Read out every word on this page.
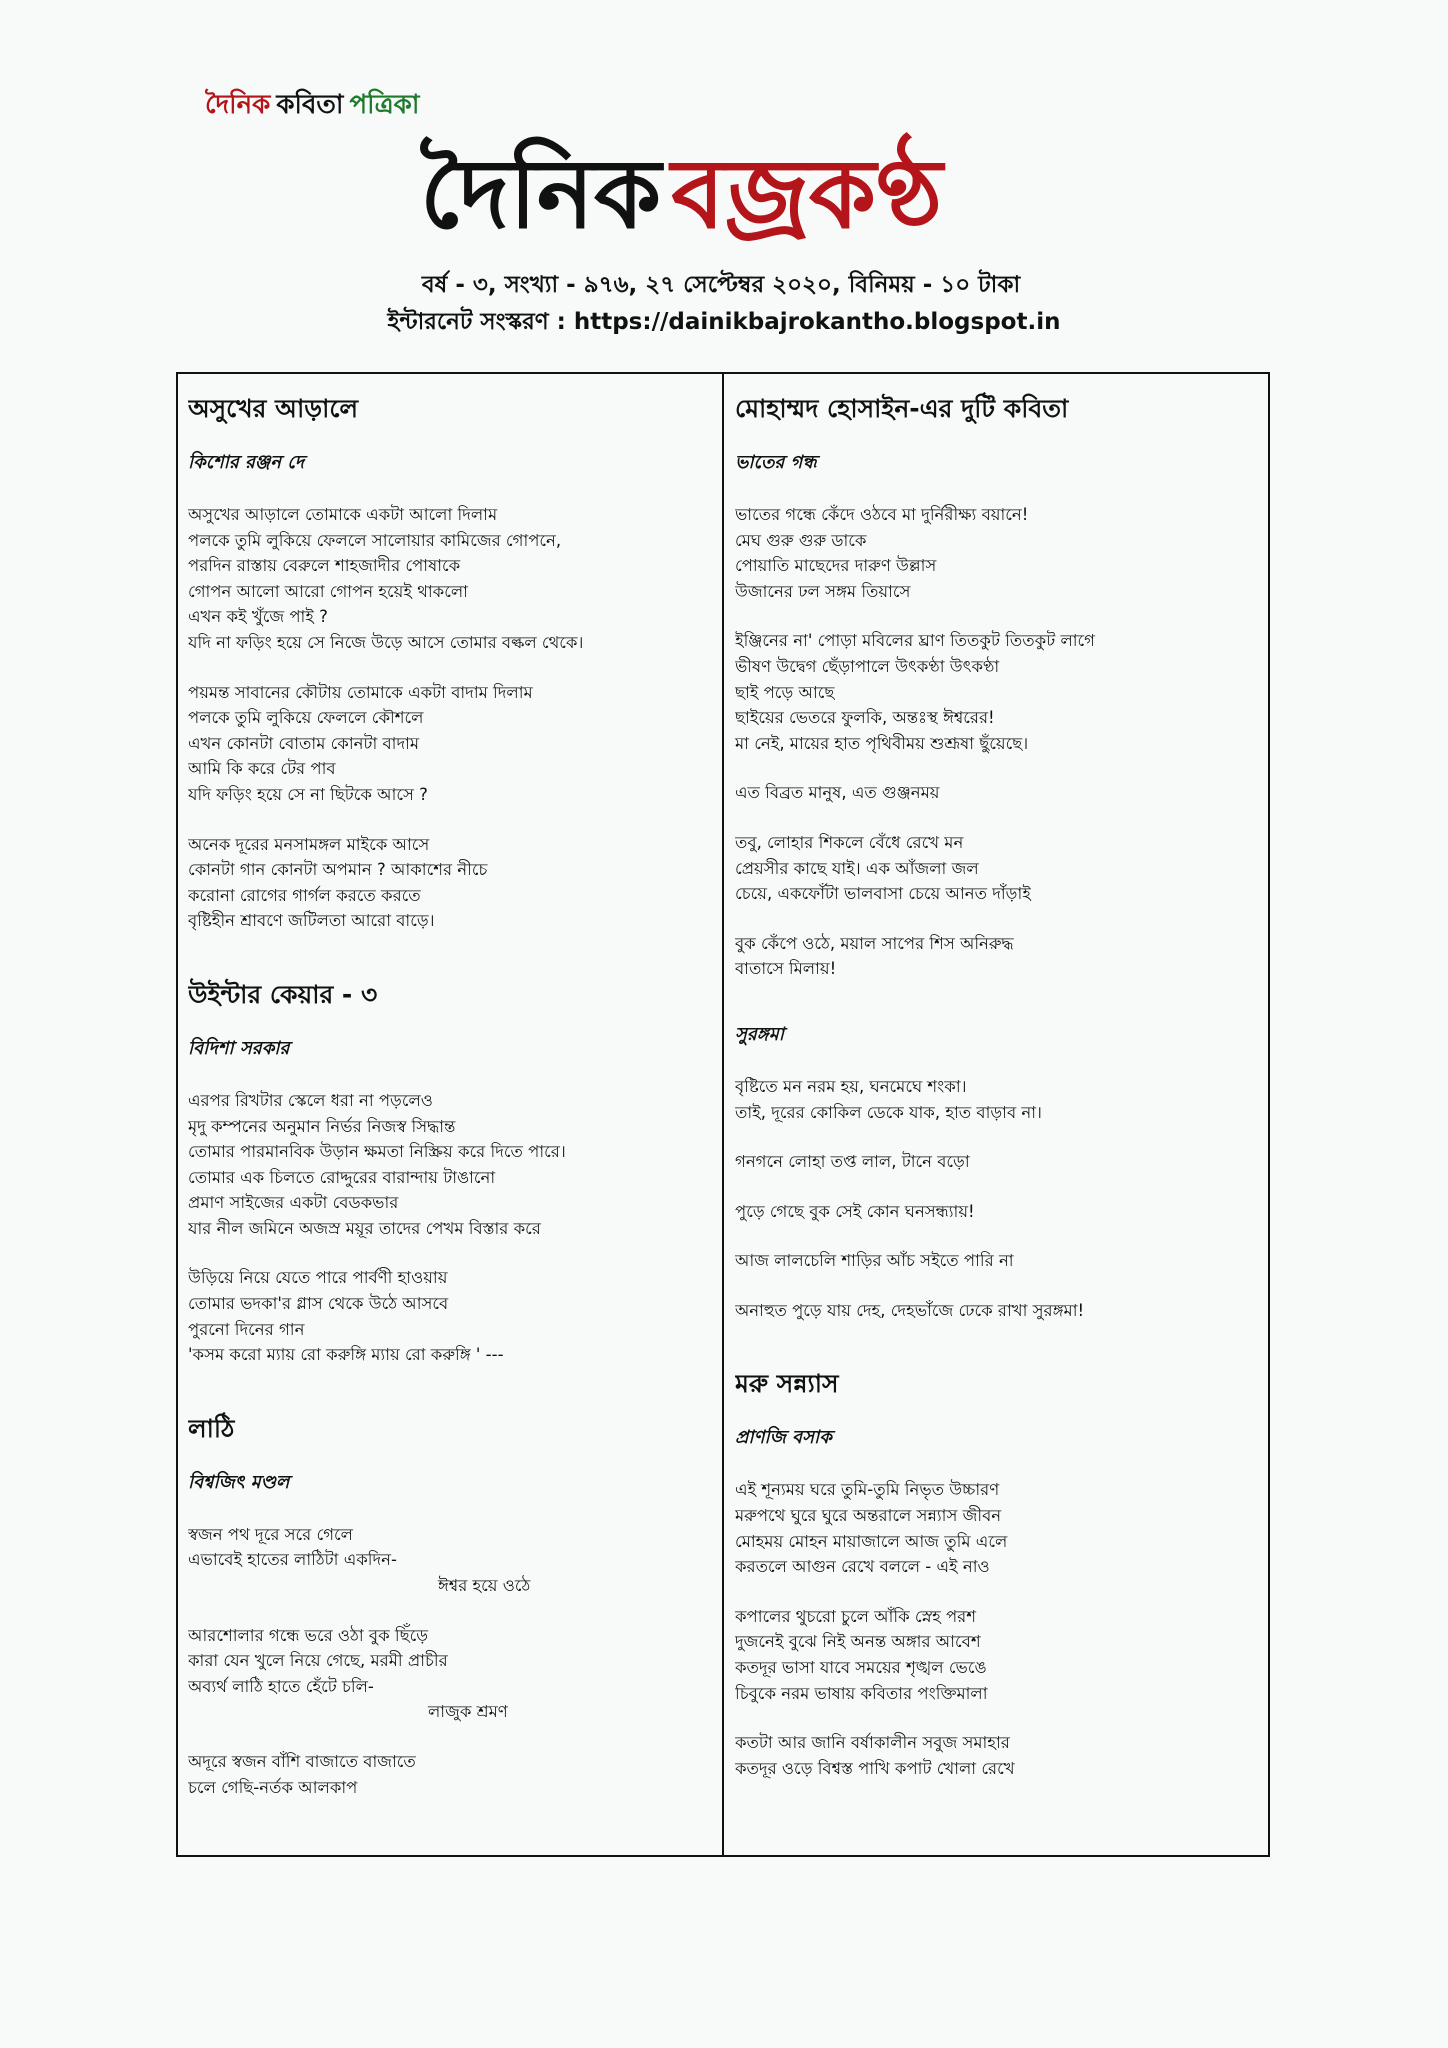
দৈনিক কবিতা পত্রিকা
দৈনিক বজ্রকণ্ঠ
বর্ষ - ৩, সংখ্যা - ৯৭৬, ২৭ সেপ্টেম্বর ২০২০, বিনিময় - ১০ টাকা
ইন্টারনেট সংস্করণ : https://dainikbajrokantho.blogspot.in
অসুখের আড়ালে
কিশোর রঞ্জন দে
অসুখের আড়ালে তোমাকে একটা আলো দিলাম
পলকে তুমি লুকিয়ে ফেললে সালোয়ার কামিজের গোপনে,
পরদিন রাস্তায় বেরুলে শাহজাদীর পোষাকে
গোপন আলো আরো গোপন হয়েই থাকলো
এখন কই খুঁজে পাই ?
যদি না ফড়িং হয়ে সে নিজে উড়ে আসে তোমার বল্কল থেকে।
পয়মন্ত সাবানের কৌটায় তোমাকে একটা বাদাম দিলাম
পলকে তুমি লুকিয়ে ফেললে কৌশলে
এখন কোনটা বোতাম কোনটা বাদাম
আমি কি করে টের পাব
যদি ফড়িং হয়ে সে না ছিটকে আসে ?
অনেক দূরের মনসামঙ্গল মাইকে আসে
কোনটা গান কোনটা অপমান ? আকাশের নীচে
করোনা রোগের গার্গল করতে করতে
বৃষ্টিহীন শ্রাবণে জটিলতা আরো বাড়ে।
উইন্টার কেয়ার - ৩
বিদিশা সরকার
এরপর রিখটার স্কেলে ধরা না পড়লেও
মৃদু কম্পনের অনুমান নির্ভর নিজস্ব সিদ্ধান্ত
তোমার পারমানবিক উড়ান ক্ষমতা নিস্ক্রিয় করে দিতে পারে।
তোমার এক চিলতে রোদ্দুরের বারান্দায় টাঙানো
প্রমাণ সাইজের একটা বেডকভার
যার নীল জমিনে অজস্র ময়ূর তাদের পেখম বিস্তার করে
উড়িয়ে নিয়ে যেতে পারে পার্বণী হাওয়ায়
তোমার ভদকা'র গ্লাস থেকে উঠে আসবে
পুরনো দিনের গান
'কসম করো ম্যায় রো করুঙ্গি ম্যায় রো করুঙ্গি ' ---
লাঠি
বিশ্বজিৎ মণ্ডল
স্বজন পথ দূরে সরে গেলে
এভাবেই হাতের লাঠিটা একদিন-
ঈশ্বর হয়ে ওঠে
আরশোলার গন্ধে ভরে ওঠা বুক ছিঁড়ে
কারা যেন খুলে নিয়ে গেছে, মরমী প্রাচীর
অব্যর্থ লাঠি হাতে হেঁটে চলি-
লাজুক শ্রমণ
অদূরে স্বজন বাঁশি বাজাতে বাজাতে
চলে গেছি-নর্তক আলকাপ
মোহাম্মদ হোসাইন-এর দুটি কবিতা
ভাতের গন্ধ
ভাতের গন্ধে কেঁদে ওঠবে মা দুর্নিরীক্ষ্য বয়ানে!
মেঘ গুরু গুরু ডাকে
পোয়াতি মাছেদের দারুণ উল্লাস
উজানের ঢল সঙ্গম তিয়াসে
ইঞ্জিনের না' পোড়া মবিলের ঘ্রাণ তিতকুট তিতকুট লাগে
ভীষণ উদ্বেগ ছেঁড়াপালে উৎকণ্ঠা উৎকণ্ঠা
ছাই পড়ে আছে
ছাইয়ের ভেতরে ফুলকি, অন্তঃস্থ ঈশ্বরের!
মা নেই, মায়ের হাত পৃথিবীময় শুশ্রূষা ছুঁয়েছে।
এত বিব্রত মানুষ, এত গুঞ্জনময়
তবু, লোহার শিকলে বেঁধে রেখে মন
প্রেয়সীর কাছে যাই। এক আঁজলা জল
চেয়ে, একফোঁটা ভালবাসা চেয়ে আনত দাঁড়াই
বুক কেঁপে ওঠে, ময়াল সাপের শিস অনিরুদ্ধ
বাতাসে মিলায়!
সুরঙ্গমা
বৃষ্টিতে মন নরম হয়, ঘনমেঘে শংকা।
তাই, দূরের কোকিল ডেকে যাক, হাত বাড়াব না।
গনগনে লোহা তপ্ত লাল, টানে বড়ো
পুড়ে গেছে বুক সেই কোন ঘনসন্ধ্যায়!
আজ লালচেলি শাড়ির আঁচ সইতে পারি না
অনাহুত পুড়ে যায় দেহ, দেহভাঁজে ঢেকে রাখা সুরঙ্গমা!
মরু সন্ন্যাস
প্রাণজি বসাক
এই শূন্যময় ঘরে তুমি-তুমি নিভৃত উচ্চারণ
মরুপথে ঘুরে ঘুরে অন্তরালে সন্ন্যাস জীবন
মোহময় মোহন মায়াজালে আজ তুমি এলে
করতলে আগুন রেখে বললে - এই নাও
কপালের থুচরো চুলে আঁকি স্নেহ পরশ
দুজনেই বুঝে নিই অনন্ত অঙ্গার আবেশ
কতদূর ভাসা যাবে সময়ের শৃঙ্খল ভেঙে
চিবুকে নরম ভাষায় কবিতার পংক্তিমালা
কতটা আর জানি বর্ষাকালীন সবুজ সমাহার
কতদূর ওড়ে বিশ্বস্ত পাখি কপাট খোলা রেখে
